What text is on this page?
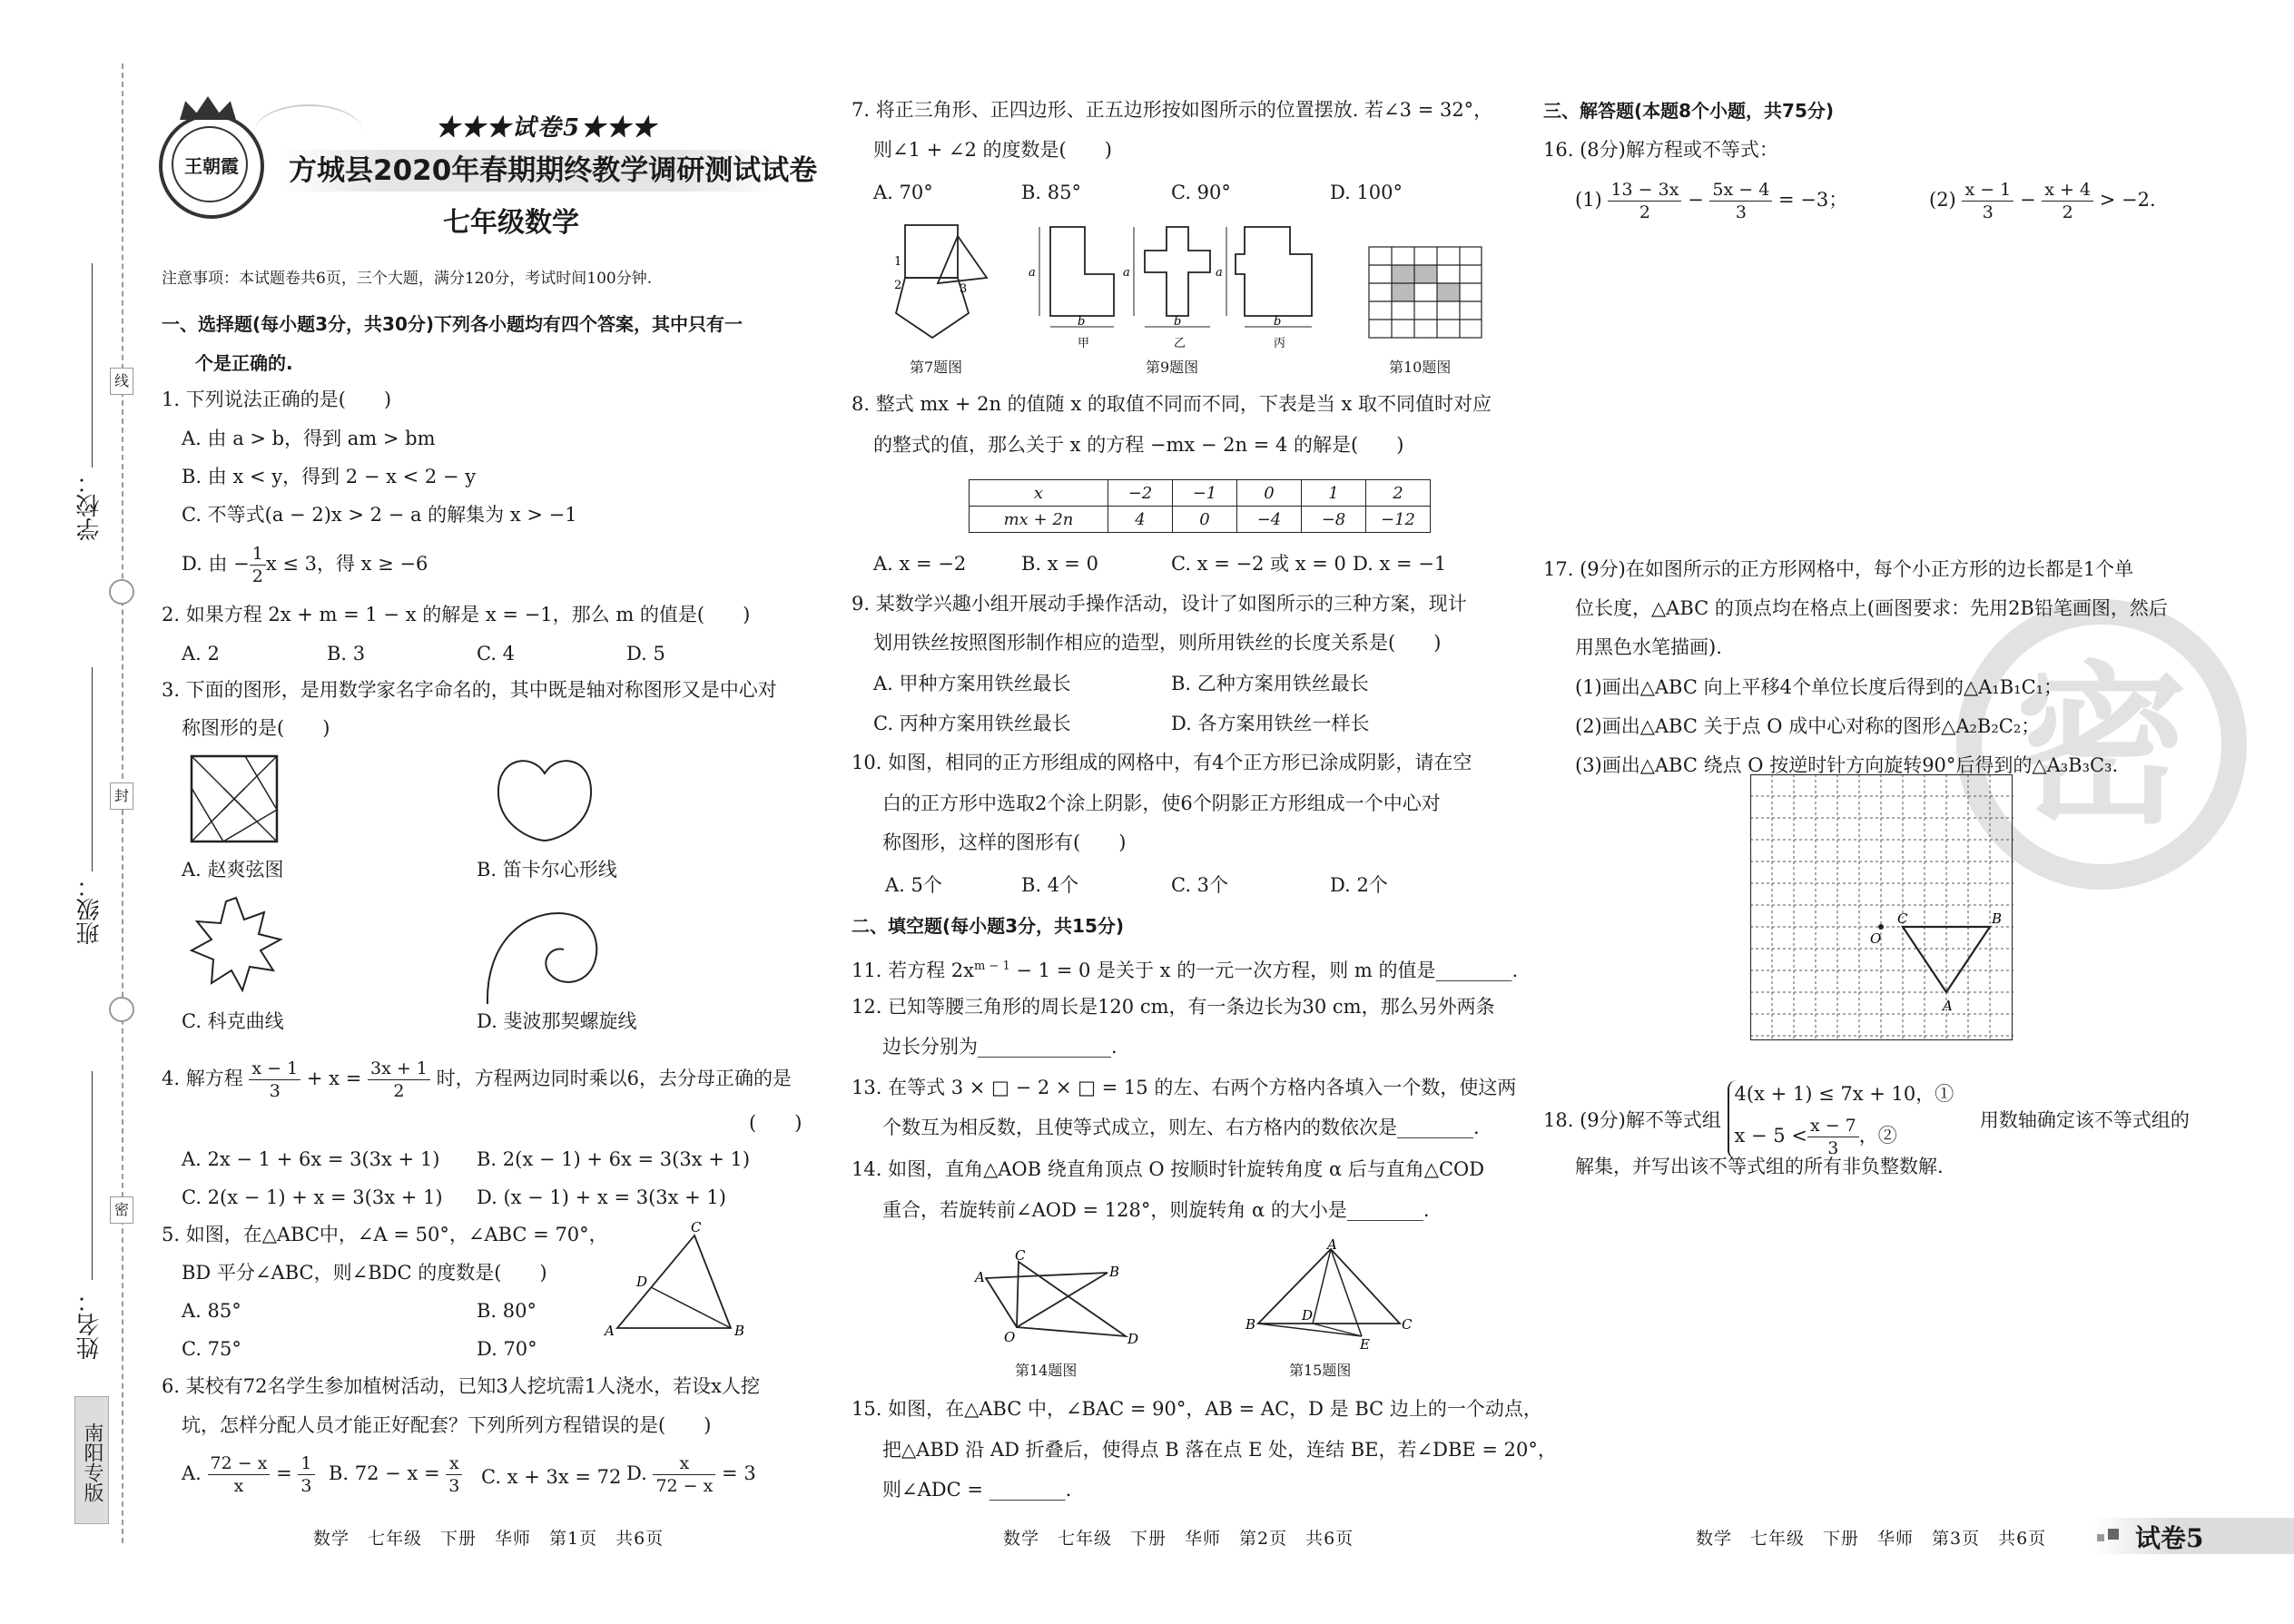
线
封
密
学校：
班级：
姓名：
南阳专版
王朝霞
★★★试卷5★★★
方城县2020年春期期终教学调研测试试卷
七年级数学
注意事项：本试题卷共6页，三个大题，满分120分，考试时间100分钟.
一、选择题(每小题3分，共30分)下列各小题均有四个答案，其中只有一
个是正确的.
1. 下列说法正确的是(　　)
A. 由 a > b，得到 am > bm
B. 由 x < y，得到 2 − x < 2 − y
C. 不等式(a − 2)x > 2 − a 的解集为 x > −1
D. 由 − $\frac{1}{2}$ x ≤ 3，得 x ≥ −6
2. 如果方程 2x + m = 1 − x 的解是 x = −1，那么 m 的值是(　　)
A. 2	B. 3	C. 4	D. 5
3. 下面的图形，是用数学家名字命名的，其中既是轴对称图形又是中心对
称图形的是(　　)
A. 赵爽弦图	B. 笛卡尔心形线
C. 科克曲线	D. 斐波那契螺旋线
4. 解方程 $\frac{x - 1}{3} + x = \frac{3x + 1}{2}$ 时，方程两边同时乘以6，去分母正确的是
(　　)
A. 2x − 1 + 6x = 3(3x + 1) B. 2(x − 1) + 6x = 3(3x + 1)
C. 2(x − 1) + x = 3(3x + 1) D. (x − 1) + x = 3(3x + 1)
5. 如图，在△ABC中，∠A = 50°，∠ABC = 70°，
BD 平分∠ABC，则∠BDC 的度数是(　　)
A. 85°	B. 80°
C. 75°	D. 70°
A	B
C
D
6. 某校有72名学生参加植树活动，已知3人挖坑需1人浇水，若设x人挖
坑，怎样分配人员才能正好配套？下列所列方程错误的是(　　)
A. $\frac{72 - x}{x} = \frac{1}{3} B$. $72 - x = \frac{x}{3} C$. x + 3x = 72 D. $\frac{x}{72 - x} = 3$
数学　七年级　下册　华师　第1页　共6页
7. 将正三角形、正四边形、正五边形按如图所示的位置摆放. 若∠3 = 32°，
则∠1 + ∠2 的度数是(　　)
A. 70°	B. 85°	C. 90°	D. 100°
1
2	3
第7题图
a
b
甲
a
b
乙
a
b
丙
第9题图	第10题图
8. 整式 mx + 2n 的值随 x 的取值不同而不同，下表是当 x 取不同值时对应
的整式的值，那么关于 x 的方程 −mx − 2n = 4 的解是(　　)
x	−2	−1	0	1	2
mx + 2n	4	0	−4	−8	−12
A. x = −2	B. x = 0	C. x = −2 或 x = 0 D. x = −1
9. 某数学兴趣小组开展动手操作活动，设计了如图所示的三种方案，现计
划用铁丝按照图形制作相应的造型，则所用铁丝的长度关系是(　　)
A. 甲种方案用铁丝最长	B. 乙种方案用铁丝最长
C. 丙种方案用铁丝最长	D. 各方案用铁丝一样长
10. 如图，相同的正方形组成的网格中，有4个正方形已涂成阴影，请在空
白的正方形中选取2个涂上阴影，使6个阴影正方形组成一个中心对
称图形，这样的图形有(　　)
A. 5个	B. 4个	C. 3个	D. 2个
二、填空题(每小题3分，共15分)
11. 若方程 $2x^{m - 1} - 1 = 0$ 是关于 x 的一元一次方程，则 m 的值是________.
12. 已知等腰三角形的周长是120 cm，有一条边长为30 cm，那么另外两条
边长分别为______________.
13. 在等式 3 × □ − 2 × □ = 15 的左、右两个方格内各填入一个数，使这两
个数互为相反数，且使等式成立，则左、右方格内的数依次是________.
14. 如图，直角△AOB 绕直角顶点 O 按顺时针旋转角度 α 后与直角△COD
重合，若旋转前∠AOD = 128°，则旋转角 α 的大小是________.
A
C
B
O	D
第14题图
A
B
D
C
E
第15题图
15. 如图，在△ABC 中，∠BAC = 90°，AB = AC，D 是 BC 边上的一个动点，
把△ABD 沿 AD 折叠后，使得点 B 落在点 E 处，连结 BE，若∠DBE = 20°，
则∠ADC = ________.
数学　七年级　下册　华师　第2页　共6页
密
三、解答题(本题8个小题，共75分)
16. (8分)解方程或不等式：
$(1) \frac{13 - 3x}{2} - \frac{5x - 4}{3} = -3$；	$(2) \frac{x - 1}{3} - \frac{x + 4}{2} > -2$.
17. (9分)在如图所示的正方形网格中，每个小正方形的边长都是1个单
位长度，△ABC 的顶点均在格点上(画图要求：先用2B铅笔画图，然后
用黑色水笔描画).
(1)画出△ABC 向上平移4个单位长度后得到的△A₁B₁C₁；
(2)画出△ABC 关于点 O 成中心对称的图形△A₂B₂C₂；
(3)画出△ABC 绕点 O 按逆时针方向旋转90°后得到的△A₃B₃C₃.
C	B
O
A
18. (9分)解不等式组
4(x + 1) ≤ 7x + 10，①
$x - 5 < \frac{x - 7}{3}$ ，②
用数轴确定该不等式组的
解集，并写出该不等式组的所有非负整数解.
数学　七年级　下册　华师　第3页　共6页	试卷5
